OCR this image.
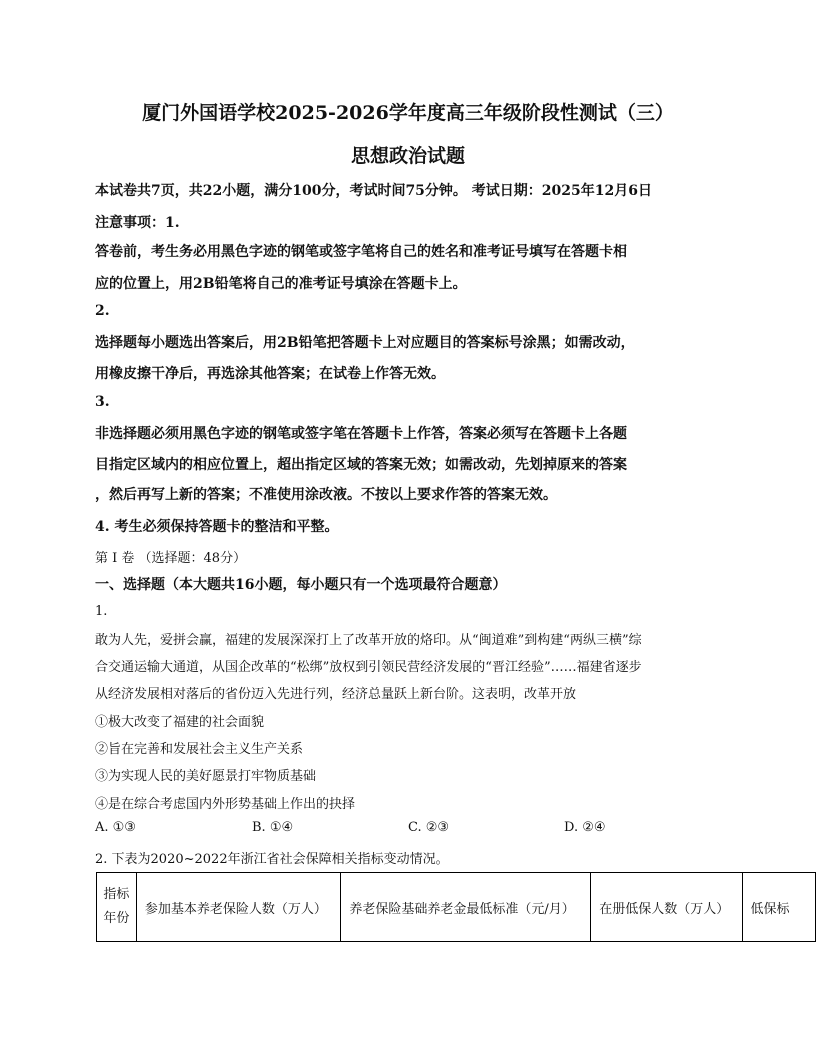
厦门外国语学校2025-2026学年度高三年级阶段性测试（三）
思想政治试题
本试卷共7页，共22小题，满分100分，考试时间75分钟。 考试日期：2025年12月6日
注意事项：1.
答卷前，考生务必用黑色字迹的钢笔或签字笔将自己的姓名和准考证号填写在答题卡相
应的位置上，用2B铅笔将自己的准考证号填涂在答题卡上。
2.
选择题每小题选出答案后，用2B铅笔把答题卡上对应题目的答案标号涂黑；如需改动，
用橡皮擦干净后，再选涂其他答案；在试卷上作答无效。
3.
非选择题必须用黑色字迹的钢笔或签字笔在答题卡上作答，答案必须写在答题卡上各题
目指定区域内的相应位置上，超出指定区域的答案无效；如需改动，先划掉原来的答案
，然后再写上新的答案；不准使用涂改液。不按以上要求作答的答案无效。
4. 考生必须保持答题卡的整洁和平整。
第 I 卷 （选择题：48分）
一、选择题（本大题共16小题，每小题只有一个选项最符合题意）
1.
敢为人先，爱拼会赢，福建的发展深深打上了改革开放的烙印。从“闽道难”到构建“两纵三横”综
合交通运输大通道，从国企改革的“松绑”放权到引领民营经济发展的“晋江经验”……福建省逐步
从经济发展相对落后的省份迈入先进行列，经济总量跃上新台阶。这表明，改革开放
①极大改变了福建的社会面貌
②旨在完善和发展社会主义生产关系
③为实现人民的美好愿景打牢物质基础
④是在综合考虑国内外形势基础上作出的抉择
A. ①③	B. ①④	C. ②③	D. ②④
2. 下表为2020~2022年浙江省社会保障相关指标变动情况。
指标
年份
	参加基本养老保险人数（万人）	养老保险基础养老金最低标准（元/月）	在册低保人数（万人）	低保标
